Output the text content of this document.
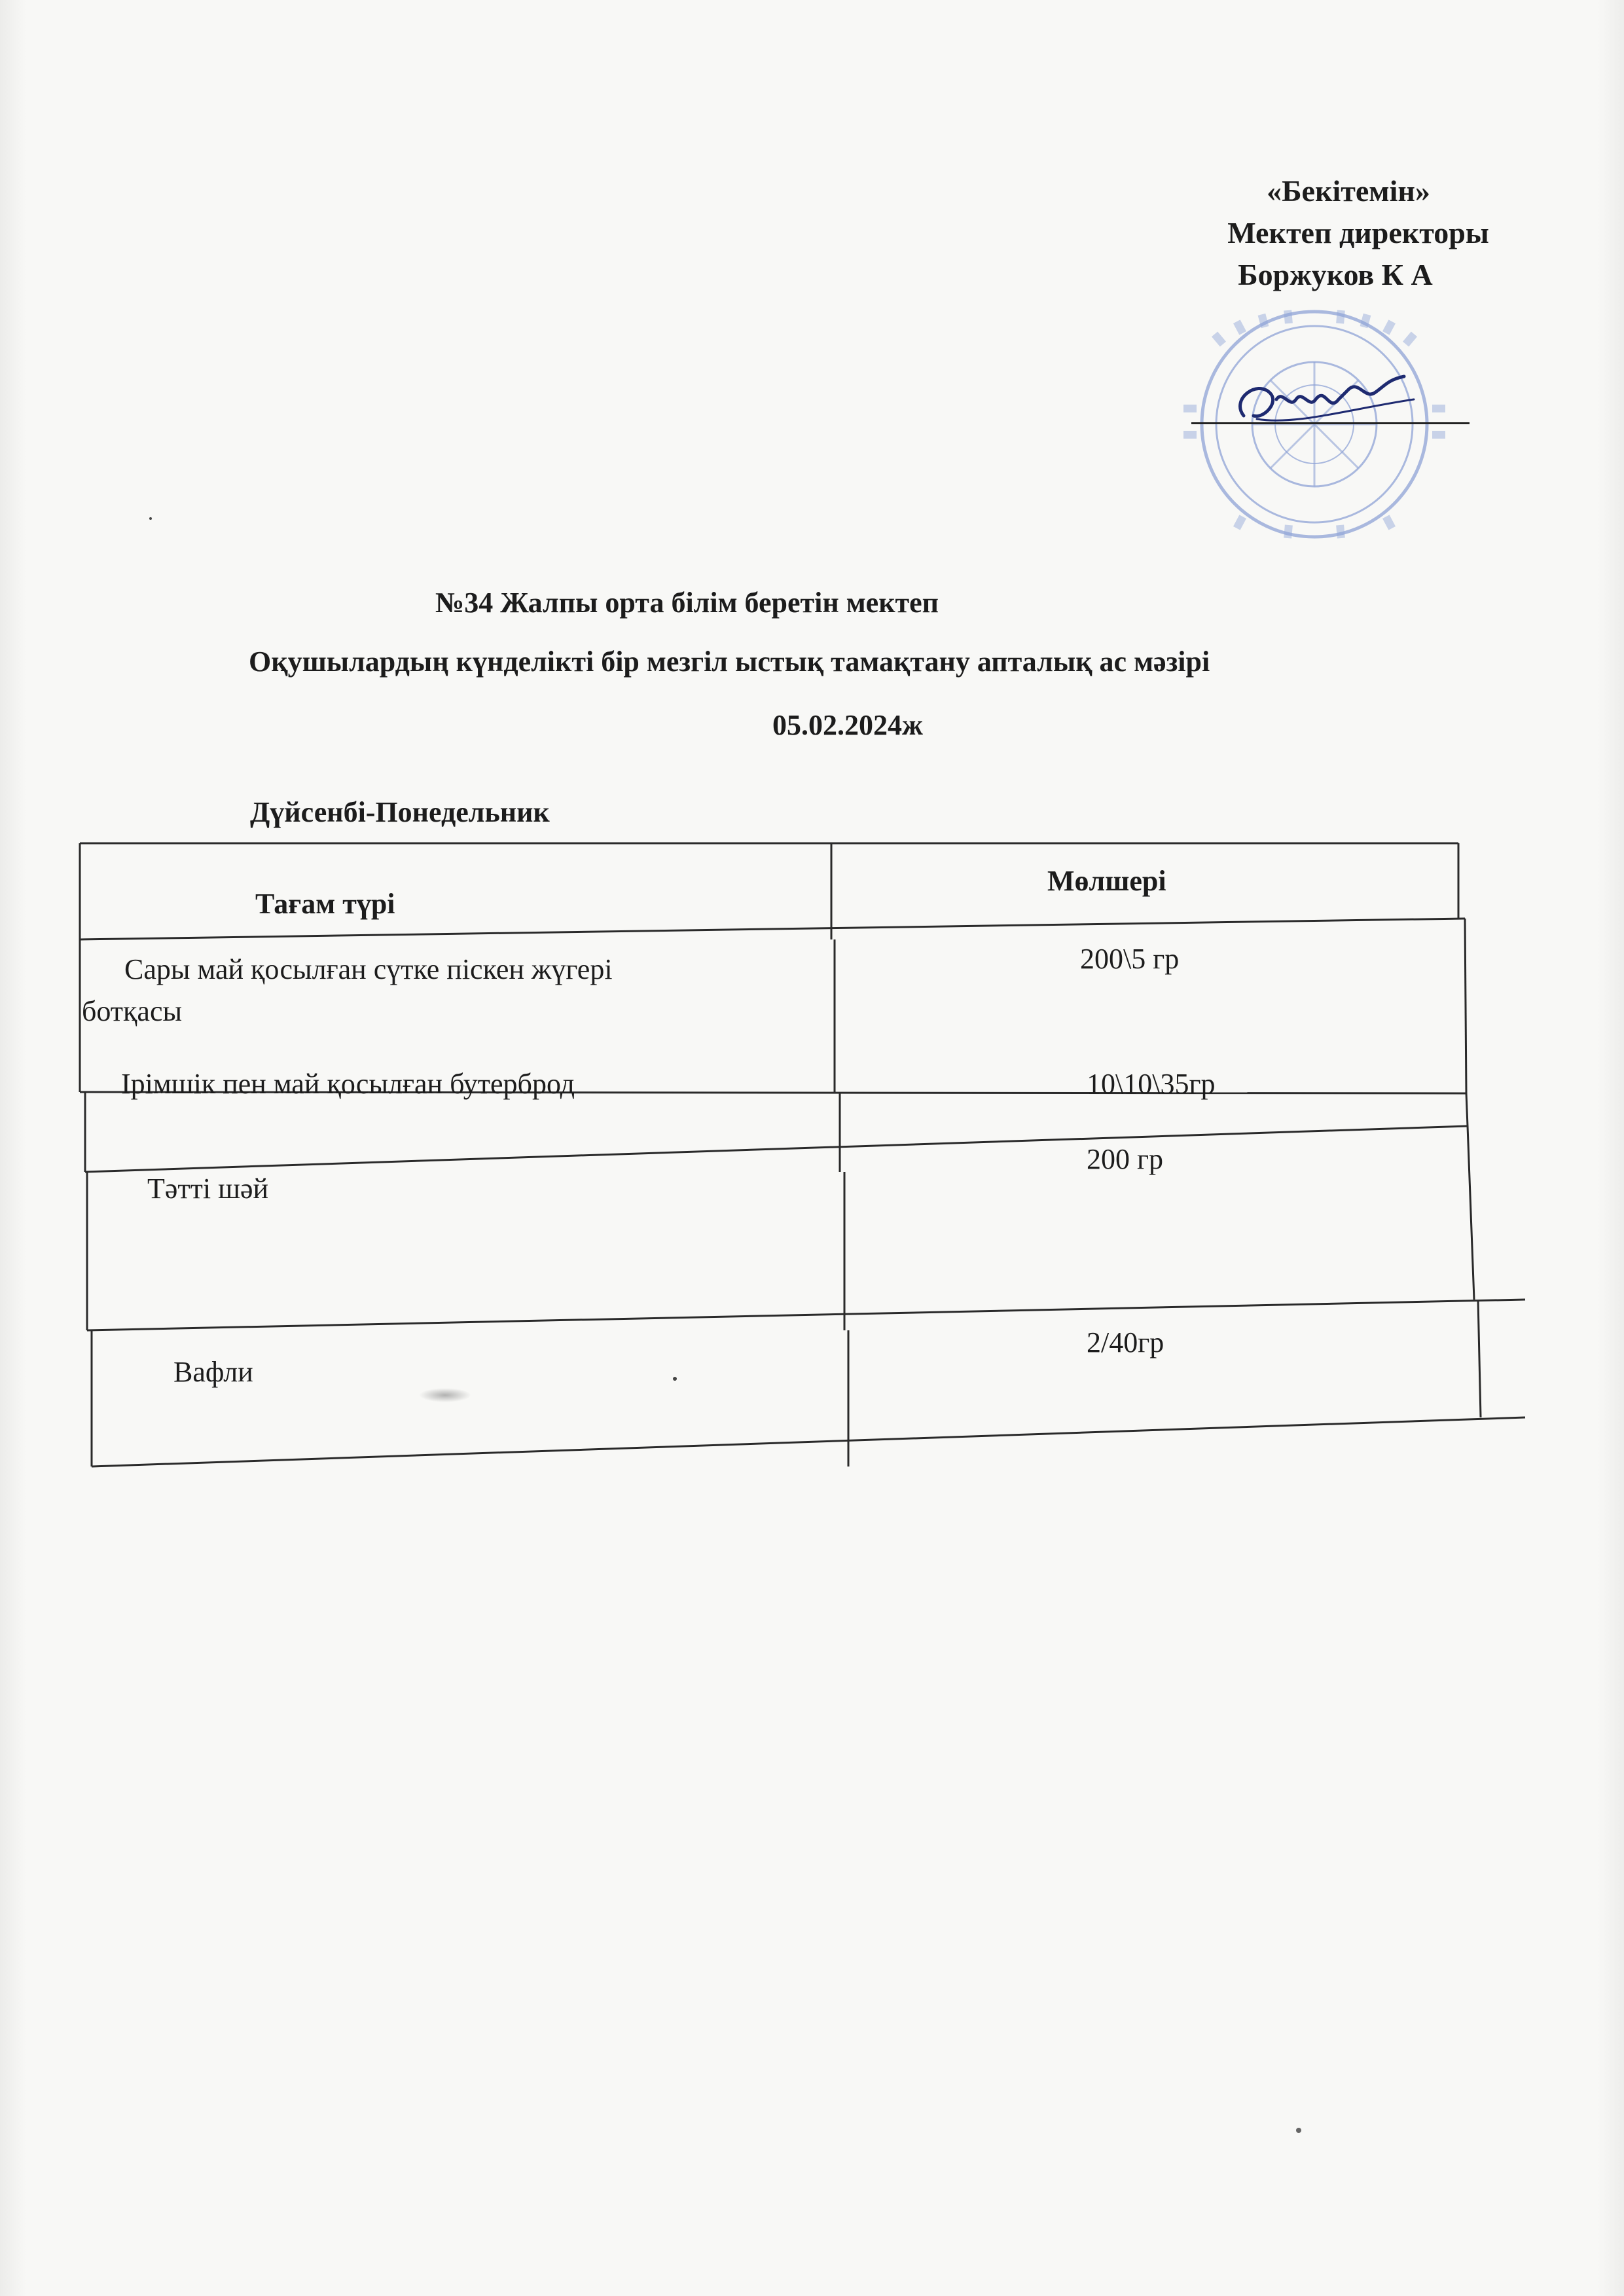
«Бекітемін»
Мектеп директоры
Боржуков К А
№34 Жалпы орта білім беретін мектеп
Оқушылардың күнделікті бір мезгіл ыстық тамақтану апталық ас мәзірі
05.02.2024ж
Дүйсенбі-Понедельник
Тағам түрі
Мөлшері
Сары май қосылған сүтке піскен жүгері
ботқасы
200\5 гр
Ірімшік пен май қосылған бутерброд	10\10\35гр
Тәтті шәй
200 гр
Вафли
2/40гр
